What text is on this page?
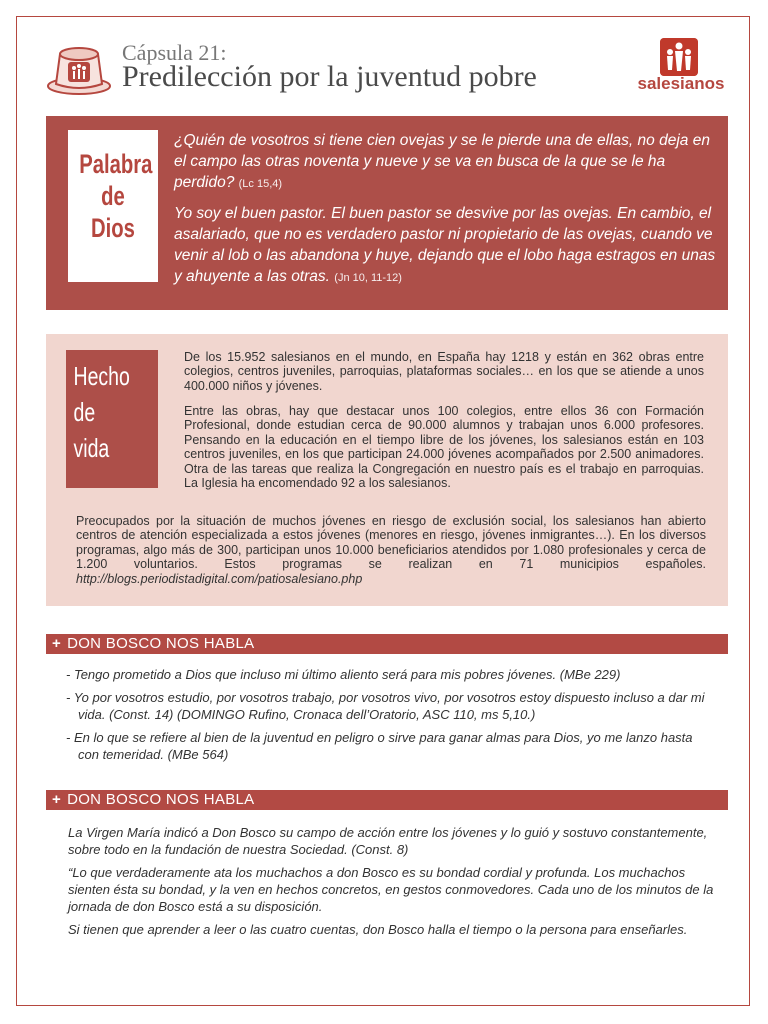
Cápsula 21:
Predilección por la juventud pobre	salesianos
Palabra
de Dios

¿Quién de vosotros si tiene cien ovejas y se le pierde una de ellas, no deja en el campo las otras noventa y nueve y se va en busca de la que se le ha perdido? (Lc 15,4)

Yo soy el buen pastor. El buen pastor se desvive por las ovejas. En cambio, el asalariado, que no es verdadero pastor ni propietario de las ovejas, cuando ve venir al lob o las abandona y huye, dejando que el lobo haga estragos en unas y ahuyente a las otras. (Jn 10, 11-12)

Hecho
de
vida

De los 15.952 salesianos en el mundo, en España hay 1218 y están en 362 obras entre colegios, centros juveniles, parroquias, plataformas sociales… en los que se atiende a unos 400.000 niños y jóvenes.

Entre las obras, hay que destacar unos 100 colegios, entre ellos 36 con Formación Profesional, donde estudian cerca de 90.000 alumnos y trabajan unos 6.000 profesores. Pensando en la educación en el tiempo libre de los jóvenes, los salesianos están en 103 centros juveniles, en los que participan 24.000 jóvenes acompañados por 2.500 animadores. Otra de las tareas que realiza la Congregación en nuestro país es el trabajo en parroquias. La Iglesia ha encomendado 92 a los salesianos.

Preocupados por la situación de muchos jóvenes en riesgo de exclusión social, los salesianos han abierto centros de atención especializada a estos jóvenes (menores en riesgo, jóvenes inmigrantes…). En los diversos programas, algo más de 300, participan unos 10.000 beneficiarios atendidos por 1.080 profesionales y cerca de 1.200 voluntarios. Estos programas se realizan en 71 municipios españoles. http://blogs.periodistadigital.com/patiosalesiano.php

+ DON BOSCO NOS HABLA

- Tengo prometido a Dios que incluso mi último aliento será para mis pobres jóvenes. (MBe 229)

- Yo por vosotros estudio, por vosotros trabajo, por vosotros vivo, por vosotros estoy dispuesto incluso a dar mi vida. (Const. 14) (DOMINGO Rufino, Cronaca dell’Oratorio, ASC 110, ms 5,10.)

- En lo que se refiere al bien de la juventud en peligro o sirve para ganar almas para Dios, yo me lanzo hasta con temeridad. (MBe 564)

+ DON BOSCO NOS HABLA

La Virgen María indicó a Don Bosco su campo de acción entre los jóvenes y lo guió y sostuvo constantemente, sobre todo en la fundación de nuestra Sociedad. (Const. 8)

“Lo que verdaderamente ata los muchachos a don Bosco es su bondad cordial y profunda. Los muchachos sienten ésta su bondad, y la ven en hechos concretos, en gestos conmovedores. Cada uno de los minutos de la jornada de don Bosco está a su disposición.

Si tienen que aprender a leer o las cuatro cuentas, don Bosco halla el tiempo o la persona para enseñarles.
